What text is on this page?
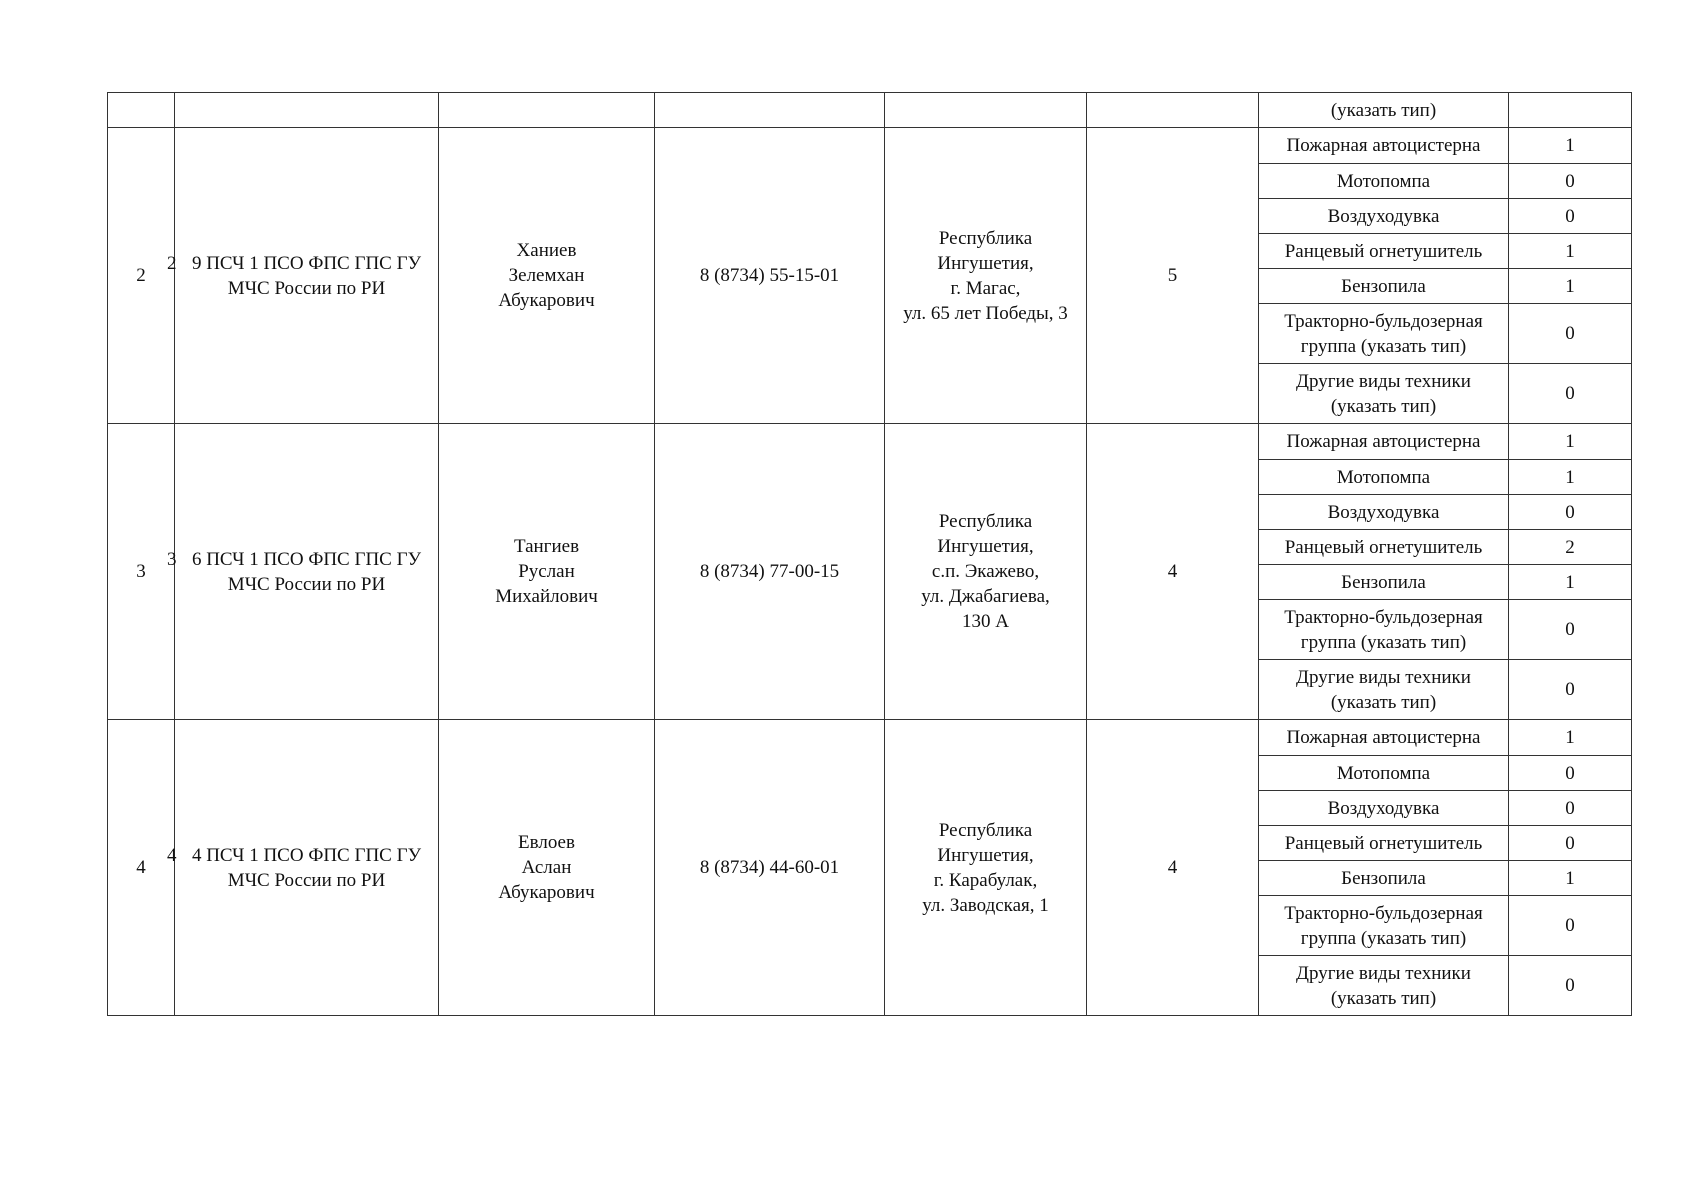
						(указать тип)	
2	2 9 ПСЧ 1 ПСО ФПС ГПС ГУ
МЧС России по РИ	Ханиев
Зелемхан
Абукарович	8 (8734) 55-15-01	Республика
Ингушетия,
г. Магас,
ул. 65 лет Победы, 3	5	Пожарная автоцистерна	1
						Мотопомпа	0
						Воздуходувка	0
						Ранцевый огнетушитель	1
						Бензопила	1
						Тракторно-бульдозерная
группа (указать тип)	0
						Другие виды техники
(указать тип)	0
3	3 6 ПСЧ 1 ПСО ФПС ГПС ГУ
МЧС России по РИ	Тангиев
Руслан
Михайлович	8 (8734) 77-00-15	Республика
Ингушетия,
с.п. Экажево,
ул. Джабагиева,
130 А	4	Пожарная автоцистерна	1
						Мотопомпа	1
						Воздуходувка	0
						Ранцевый огнетушитель	2
						Бензопила	1
						Тракторно-бульдозерная
группа (указать тип)	0
						Другие виды техники
(указать тип)	0
4	4 4 ПСЧ 1 ПСО ФПС ГПС ГУ
МЧС России по РИ	Евлоев
Аслан
Абукарович	8 (8734) 44-60-01	Республика
Ингушетия,
г. Карабулак,
ул. Заводская, 1	4	Пожарная автоцистерна	1
						Мотопомпа	0
						Воздуходувка	0
						Ранцевый огнетушитель	0
						Бензопила	1
						Тракторно-бульдозерная
группа (указать тип)	0
						Другие виды техники
(указать тип)	0
